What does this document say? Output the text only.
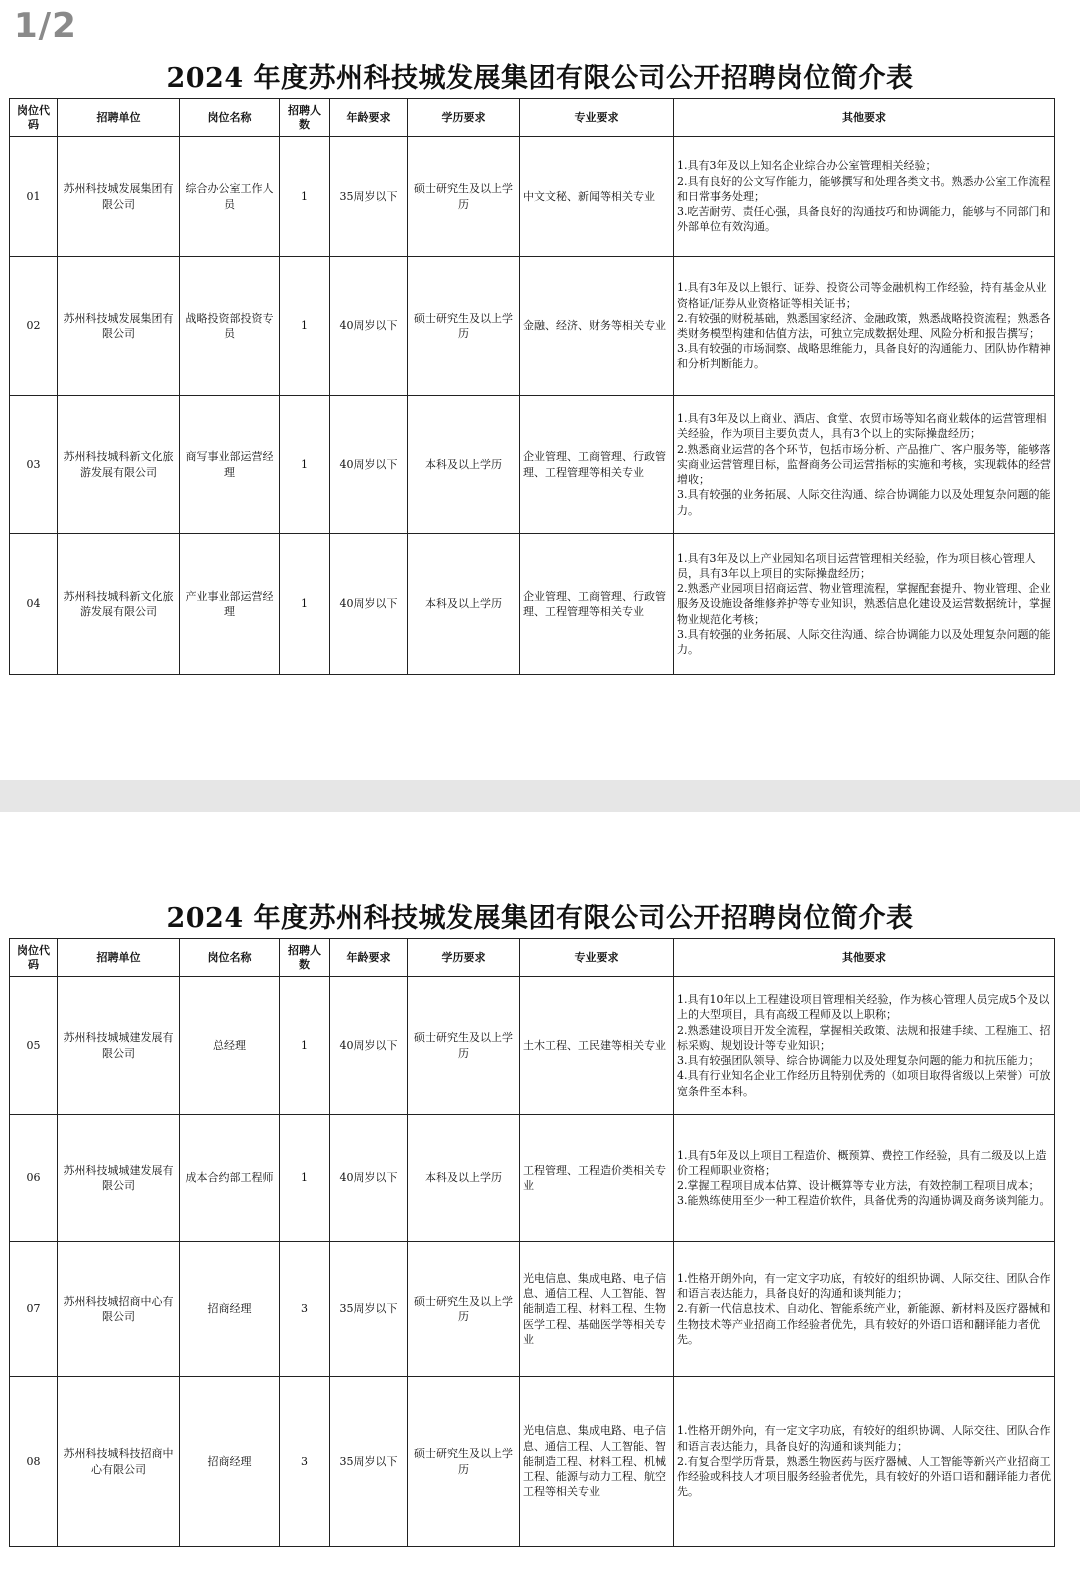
1/2
2024 年度苏州科技城发展集团有限公司公开招聘岗位简介表
岗位代码	招聘单位	岗位名称	招聘人数	年龄要求	学历要求	专业要求	其他要求
01	苏州科技城发展集团有限公司	综合办公室工作人员	1	35周岁以下	硕士研究生及以上学历	中文文秘、新闻等相关专业	1.具有3年及以上知名企业综合办公室管理相关经验；
2.具有良好的公文写作能力，能够撰写和处理各类文书。熟悉办公室工作流程和日常事务处理；
3.吃苦耐劳、责任心强，具备良好的沟通技巧和协调能力，能够与不同部门和外部单位有效沟通。

02	苏州科技城发展集团有限公司	战略投资部投资专员	1	40周岁以下	硕士研究生及以上学历	金融、经济、财务等相关专业	1.具有3年及以上银行、证券、投资公司等金融机构工作经验，持有基金从业资格证/证券从业资格证等相关证书；
2.有较强的财税基础，熟悉国家经济、金融政策，熟悉战略投资流程；熟悉各类财务模型构建和估值方法，可独立完成数据处理、风险分析和报告撰写；
3.具有较强的市场洞察、战略思维能力，具备良好的沟通能力、团队协作精神和分析判断能力。

03	苏州科技城科新文化旅游发展有限公司	商写事业部运营经理	1	40周岁以下	本科及以上学历	企业管理、工商管理、行政管理、工程管理等相关专业	1.具有3年及以上商业、酒店、食堂、农贸市场等知名商业载体的运营管理相关经验，作为项目主要负责人，具有3个以上的实际操盘经历；
2.熟悉商业运营的各个环节，包括市场分析、产品推广、客户服务等，能够落实商业运营管理目标，监督商务公司运营指标的实施和考核，实现载体的经营增收；
3.具有较强的业务拓展、人际交往沟通、综合协调能力以及处理复杂问题的能力。

04	苏州科技城科新文化旅游发展有限公司	产业事业部运营经理	1	40周岁以下	本科及以上学历	企业管理、工商管理、行政管理、工程管理等相关专业	1.具有3年及以上产业园知名项目运营管理相关经验，作为项目核心管理人员，具有3年以上项目的实际操盘经历；
2.熟悉产业园项目招商运营、物业管理流程，掌握配套提升、物业管理、企业服务及设施设备维修养护等专业知识，熟悉信息化建设及运营数据统计，掌握物业规范化考核；
3.具有较强的业务拓展、人际交往沟通、综合协调能力以及处理复杂问题的能力。
2024 年度苏州科技城发展集团有限公司公开招聘岗位简介表
岗位代码	招聘单位	岗位名称	招聘人数	年龄要求	学历要求	专业要求	其他要求
05	苏州科技城城建发展有限公司	总经理	1	40周岁以下	硕士研究生及以上学历	土木工程、工民建等相关专业	1.具有10年以上工程建设项目管理相关经验，作为核心管理人员完成5个及以上的大型项目，具有高级工程师及以上职称；
2.熟悉建设项目开发全流程，掌握相关政策、法规和报建手续、工程施工、招标采购、规划设计等专业知识；
3.具有较强团队领导、综合协调能力以及处理复杂问题的能力和抗压能力；
4.具有行业知名企业工作经历且特别优秀的（如项目取得省级以上荣誉）可放宽条件至本科。

06	苏州科技城城建发展有限公司	成本合约部工程师	1	40周岁以下	本科及以上学历	工程管理、工程造价类相关专业	1.具有5年及以上项目工程造价、概预算、费控工作经验，具有二级及以上造价工程师职业资格；
2.掌握工程项目成本估算、设计概算等专业方法，有效控制工程项目成本；
3.能熟练使用至少一种工程造价软件，具备优秀的沟通协调及商务谈判能力。

07	苏州科技城招商中心有限公司	招商经理	3	35周岁以下	硕士研究生及以上学历	光电信息、集成电路、电子信息、通信工程、人工智能、智能制造工程、材料工程、生物医学工程、基础医学等相关专业	1.性格开朗外向，有一定文字功底，有较好的组织协调、人际交往、团队合作和语言表达能力，具备良好的沟通和谈判能力；
2.有新一代信息技术、自动化、智能系统产业，新能源、新材料及医疗器械和生物技术等产业招商工作经验者优先，具有较好的外语口语和翻译能力者优先。

08	苏州科技城科技招商中心有限公司	招商经理	3	35周岁以下	硕士研究生及以上学历	光电信息、集成电路、电子信息、通信工程、人工智能、智能制造工程、材料工程、机械工程、能源与动力工程、航空工程等相关专业	1.性格开朗外向，有一定文字功底，有较好的组织协调、人际交往、团队合作和语言表达能力，具备良好的沟通和谈判能力；
2.有复合型学历背景，熟悉生物医药与医疗器械、人工智能等新兴产业招商工作经验或科技人才项目服务经验者优先，具有较好的外语口语和翻译能力者优先。
